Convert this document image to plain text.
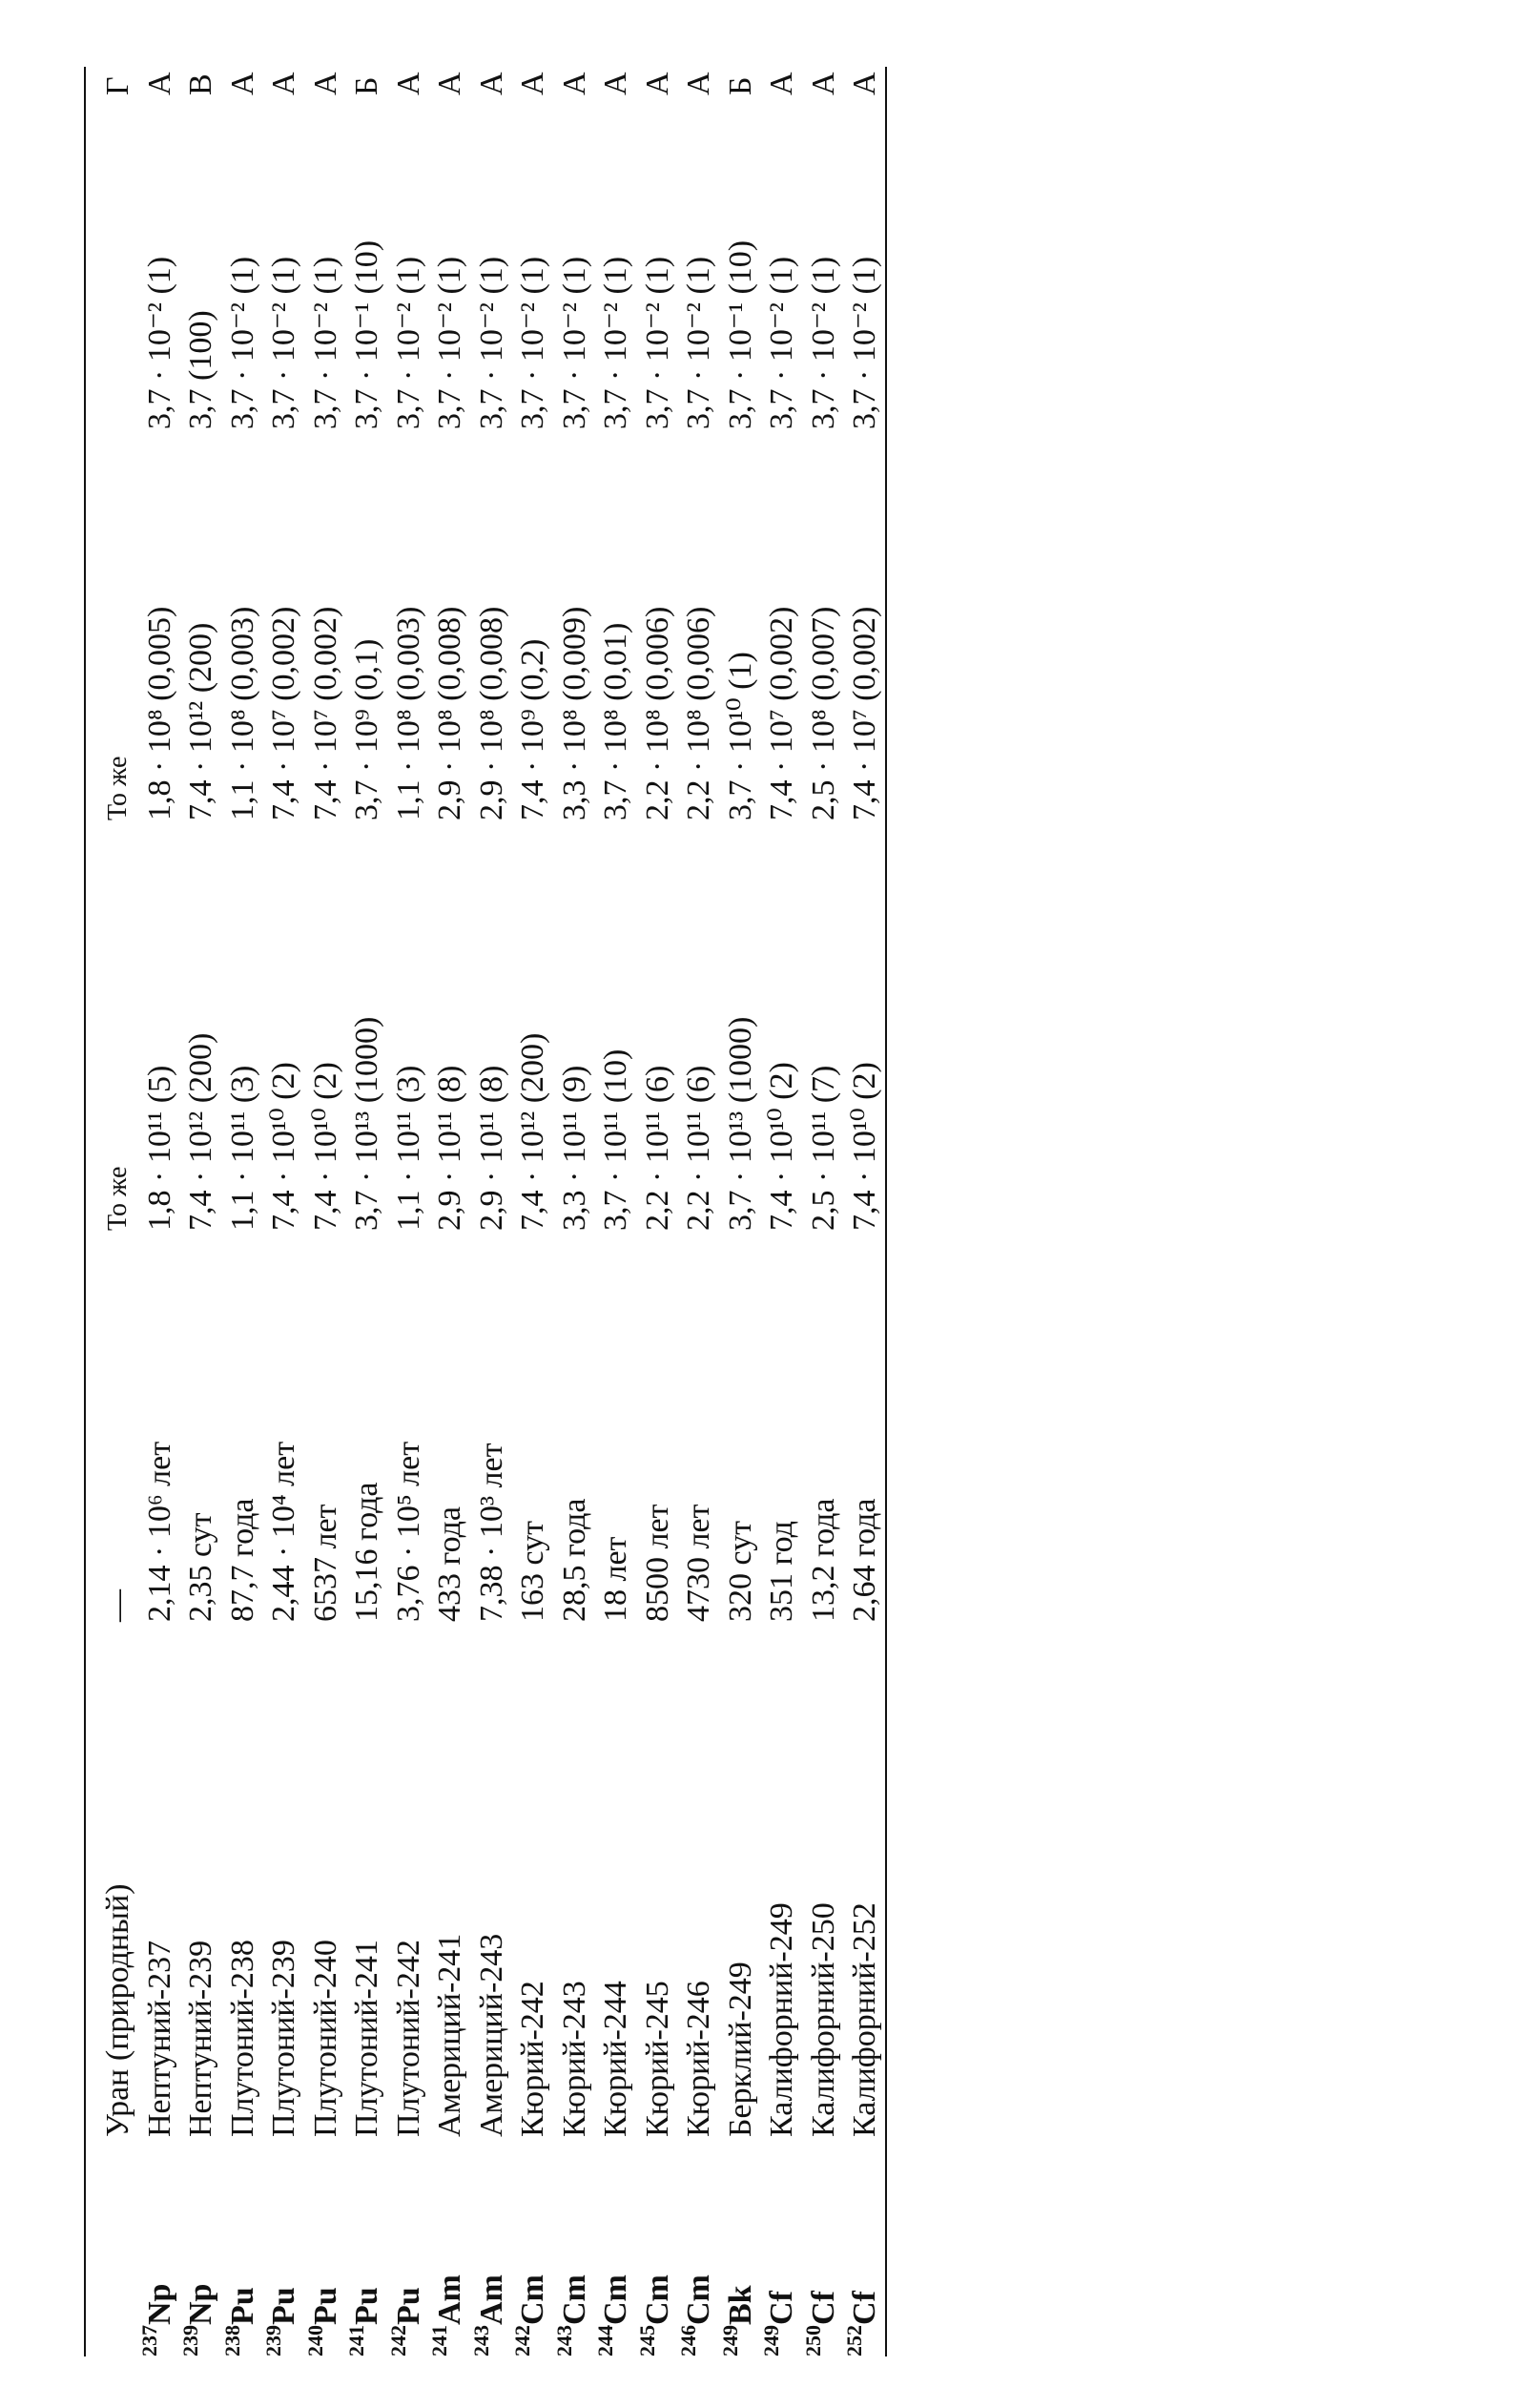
Уран (природный)
—
Г
То же
То же
$^{237}$Np
Нептуний-237
2,14 · 10⁶ лет
1,8 · 10¹¹ (5)
1,8 · 10⁸ (0,005)
3,7 · 10⁻² (1)
А
$^{239}$Np
Нептуний-239
2,35 сут
7,4 · 10¹² (200)
7,4 · 10¹² (200)
3,7 (100)
В
$^{238}$Pu
Плутоний-238
87,7 года
1,1 · 10¹¹ (3)
1,1 · 10⁸ (0,003)
3,7 · 10⁻² (1)
А
$^{239}$Pu
Плутоний-239
2,44 · 10⁴ лет
7,4 · 10¹⁰ (2)
7,4 · 10⁷ (0,002)
3,7 · 10⁻² (1)
А
$^{240}$Pu
Плутоний-240
6537 лет
7,4 · 10¹⁰ (2)
7,4 · 10⁷ (0,002)
3,7 · 10⁻² (1)
А
$^{241}$Pu
Плутоний-241
15,16 года
3,7 · 10¹³ (1000)
3,7 · 10⁹ (0,1)
3,7 · 10⁻¹ (10)
Б
$^{242}$Pu
Плутоний-242
3,76 · 10⁵ лет
1,1 · 10¹¹ (3)
1,1 · 10⁸ (0,003)
3,7 · 10⁻² (1)
А
$^{241}$Am
Америций-241
433 года
2,9 · 10¹¹ (8)
2,9 · 10⁸ (0,008)
3,7 · 10⁻² (1)
А
$^{243}$Am
Америций-243
7,38 · 10³ лет
2,9 · 10¹¹ (8)
2,9 · 10⁸ (0,008)
3,7 · 10⁻² (1)
А
$^{242}$Cm
Кюрий-242
163 сут
7,4 · 10¹² (200)
7,4 · 10⁹ (0,2)
3,7 · 10⁻² (1)
А
$^{243}$Cm
Кюрий-243
28,5 года
3,3 · 10¹¹ (9)
3,3 · 10⁸ (0,009)
3,7 · 10⁻² (1)
А
$^{244}$Cm
Кюрий-244
18 лет
3,7 · 10¹¹ (10)
3,7 · 10⁸ (0,01)
3,7 · 10⁻² (1)
А
$^{245}$Cm
Кюрий-245
8500 лет
2,2 · 10¹¹ (6)
2,2 · 10⁸ (0,006)
3,7 · 10⁻² (1)
А
$^{246}$Cm
Кюрий-246
4730 лет
2,2 · 10¹¹ (6)
2,2 · 10⁸ (0,006)
3,7 · 10⁻² (1)
А
$^{249}$Bk
Берклий-249
320 сут
3,7 · 10¹³ (1000)
3,7 · 10¹⁰ (1)
3,7 · 10⁻¹ (10)
Б
$^{249}$Cf
Калифорний-249
351 год
7,4 · 10¹⁰ (2)
7,4 · 10⁷ (0,002)
3,7 · 10⁻² (1)
А
$^{250}$Cf
Калифорний-250
13,2 года
2,5 · 10¹¹ (7)
2,5 · 10⁸ (0,007)
3,7 · 10⁻² (1)
А
$^{252}$Cf
Калифорний-252
2,64 года
7,4 · 10¹⁰ (2)
7,4 · 10⁷ (0,002)
3,7 · 10⁻² (1)
А
